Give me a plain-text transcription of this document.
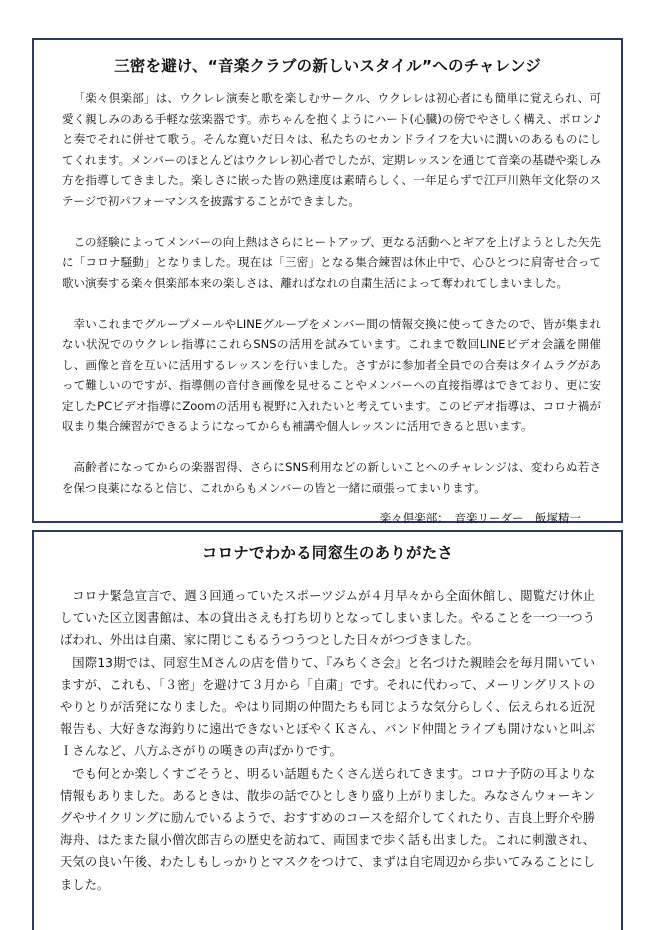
三密を避け、“音楽クラブの新しいスタイル”へのチャレンジ

「楽々倶楽部」は、ウクレレ演奏と歌を楽しむサークル、ウクレレは初心者にも簡単に覚えられ、可愛く親しみのある手軽な弦楽器です。赤ちゃんを抱くようにハート(心臓)の傍でやさしく構え、ポロン♪と奏でそれに併せて歌う。そんな寛いだ日々は、私たちのセカンドライフを大いに潤いのあるものにしてくれます。メンバーのほとんどはウクレレ初心者でしたが、定期レッスンを通じて音楽の基礎や楽しみ方を指導してきました。楽しさに嵌った皆の熟達度は素晴らしく、一年足らずで江戸川熟年文化祭のステージで初パフォーマンスを披露することができました。

この経験によってメンバーの向上熱はさらにヒートアップ、更なる活動へとギアを上げようとした矢先に「コロナ騒動」となりました。現在は「三密」となる集合練習は休止中で、心ひとつに肩寄せ合って歌い演奏する楽々倶楽部本来の楽しさは、離ればなれの自粛生活によって奪われてしまいました。

幸いこれまでグループメールやLINEグループをメンバー間の情報交換に使ってきたので、皆が集まれない状況でのウクレレ指導にこれらSNSの活用を試みています。これまで数回LINEビデオ会議を開催し、画像と音を互いに活用するレッスンを行いました。さすがに参加者全員での合奏はタイムラグがあって難しいのですが、指導側の音付き画像を見せることやメンバーへの直接指導はできており、更に安定したPCビデオ指導にZoomの活用も視野に入れたいと考えています。このビデオ指導は、コロナ禍が収まり集合練習ができるようになってからも補講や個人レッスンに活用できると思います。

高齢者になってからの楽器習得、さらにSNS利用などの新しいことへのチャレンジは、変わらぬ若さを保つ良薬になると信じ、これからもメンバーの皆と一緒に頑張ってまいります。

楽々倶楽部：　音楽リーダー　飯塚精一
コロナでわかる同窓生のありがたさ

コロナ緊急宣言で、週３回通っていたスポーツジムが４月早々から全面休館し、閲覧だけ休止していた区立図書館は、本の貸出さえも打ち切りとなってしまいました。やることを一つ一つうばわれ、外出は自粛、家に閉じこもるうつうつとした日々がつづきました。

国際13期では、同窓生Ｍさんの店を借りて、『みちくさ会』と名づけた親睦会を毎月開いていますが、これも、「３密」を避けて３月から「自粛」です。それに代わって、メーリングリストのやりとりが活発になりました。やはり同期の仲間たちも同じような気分らしく、伝えられる近況報告も、大好きな海釣りに遠出できないとぼやくＫさん、バンド仲間とライブも開けないと叫ぶＩさんなど、八方ふさがりの嘆きの声ばかりです。

でも何とか楽しくすごそうと、明るい話題もたくさん送られてきます。コロナ予防の耳よりな情報もありました。あるときは、散歩の話でひとしきり盛り上がりました。みなさんウォーキングやサイクリングに励んでいるようで、おすすめのコースを紹介してくれたり、吉良上野介や勝海舟、はたまた鼠小僧次郎吉らの歴史を訪ねて、両国まで歩く話も出ました。これに刺激され、天気の良い午後、わたしもしっかりとマスクをつけて、まずは自宅周辺から歩いてみることにしました。
